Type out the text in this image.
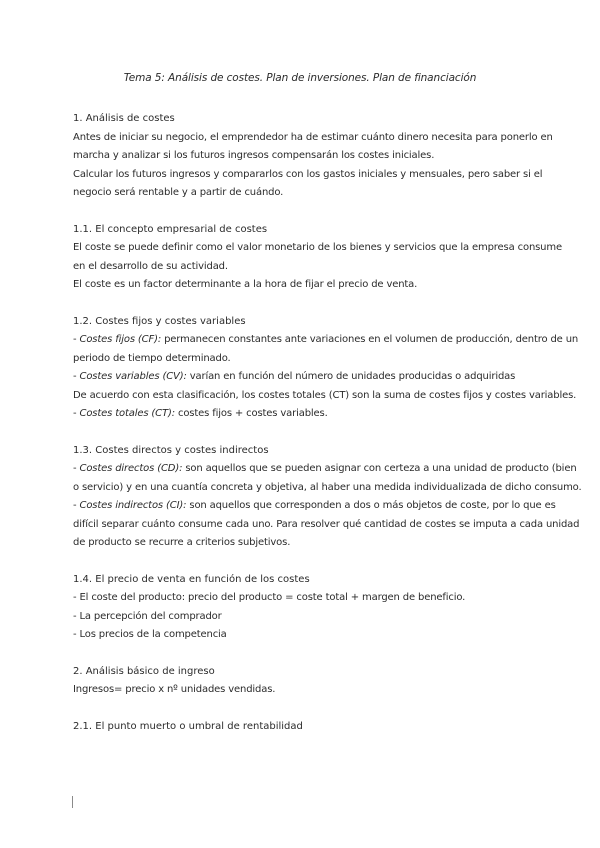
Tema 5: Análisis de costes. Plan de inversiones. Plan de financiación
1. Análisis de costes
Antes de iniciar su negocio, el emprendedor ha de estimar cuánto dinero necesita para ponerlo en
marcha y analizar si los futuros ingresos compensarán los costes iniciales.
Calcular los futuros ingresos y compararlos con los gastos iniciales y mensuales, pero saber si el
negocio será rentable y a partir de cuándo.
1.1. El concepto empresarial de costes
El coste se puede definir como el valor monetario de los bienes y servicios que la empresa consume
en el desarrollo de su actividad.
El coste es un factor determinante a la hora de fijar el precio de venta.
1.2. Costes fijos y costes variables
- Costes fijos (CF): permanecen constantes ante variaciones en el volumen de producción, dentro de un
periodo de tiempo determinado.
- Costes variables (CV): varían en función del número de unidades producidas o adquiridas
De acuerdo con esta clasificación, los costes totales (CT) son la suma de costes fijos y costes variables.
- Costes totales (CT): costes fijos + costes variables.
1.3. Costes directos y costes indirectos
- Costes directos (CD): son aquellos que se pueden asignar con certeza a una unidad de producto (bien
o servicio) y en una cuantía concreta y objetiva, al haber una medida individualizada de dicho consumo.
- Costes indirectos (CI): son aquellos que corresponden a dos o más objetos de coste, por lo que es
difícil separar cuánto consume cada uno. Para resolver qué cantidad de costes se imputa a cada unidad
de producto se recurre a criterios subjetivos.
1.4. El precio de venta en función de los costes
- El coste del producto: precio del producto = coste total + margen de beneficio.
- La percepción del comprador
- Los precios de la competencia
2. Análisis básico de ingreso
Ingresos= precio x nº unidades vendidas.
2.1. El punto muerto o umbral de rentabilidad
